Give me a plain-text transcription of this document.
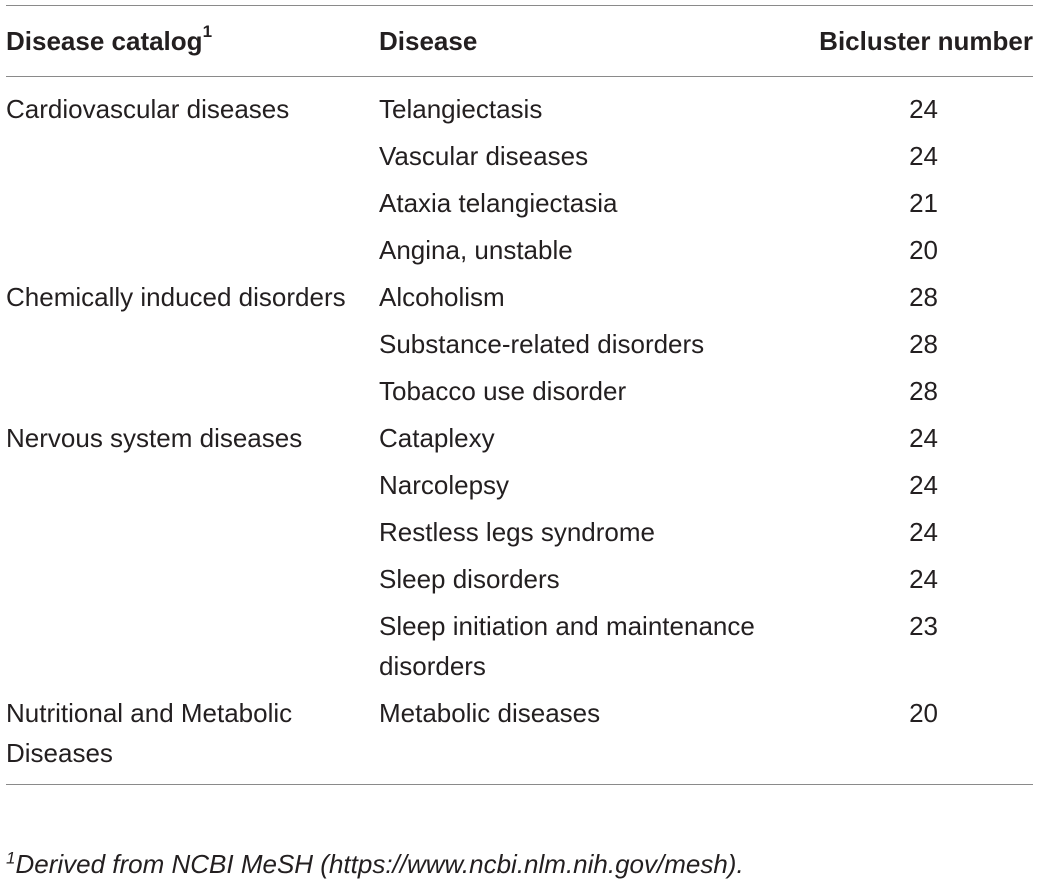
Disease catalog$^1$	Disease	Bicluster number
Cardiovascular diseases	Telangiectasis	24
	Vascular diseases	24
	Ataxia telangiectasia	21
	Angina, unstable	20
Chemically induced disorders	Alcoholism	28
	Substance-related disorders	28
	Tobacco use disorder	28
Nervous system diseases	Cataplexy	24
	Narcolepsy	24
	Restless legs syndrome	24
	Sleep disorders	24
	Sleep initiation and maintenance disorders	23
Nutritional and Metabolic Diseases	Metabolic diseases	20
$^1$Derived from NCBI MeSH (https://www.ncbi.nlm.nih.gov/mesh).
